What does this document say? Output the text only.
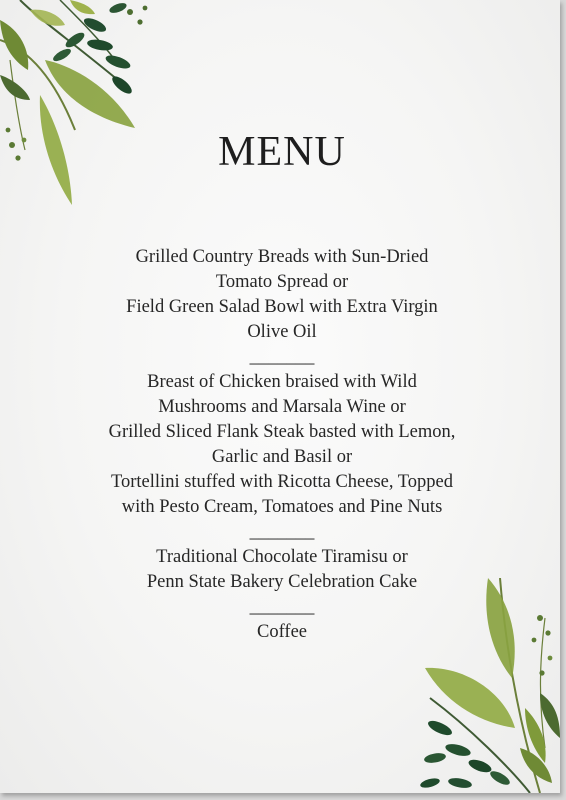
MENU
Grilled Country Breads with Sun-Dried
Tomato Spread or
Field Green Salad Bowl with Extra Virgin
Olive Oil
_______
Breast of Chicken braised with Wild
Mushrooms and Marsala Wine or
Grilled Sliced Flank Steak basted with Lemon,
Garlic and Basil or
Tortellini stuffed with Ricotta Cheese, Topped
with Pesto Cream, Tomatoes and Pine Nuts
_______
Traditional Chocolate Tiramisu or
Penn State Bakery Celebration Cake
_______
Coffee
